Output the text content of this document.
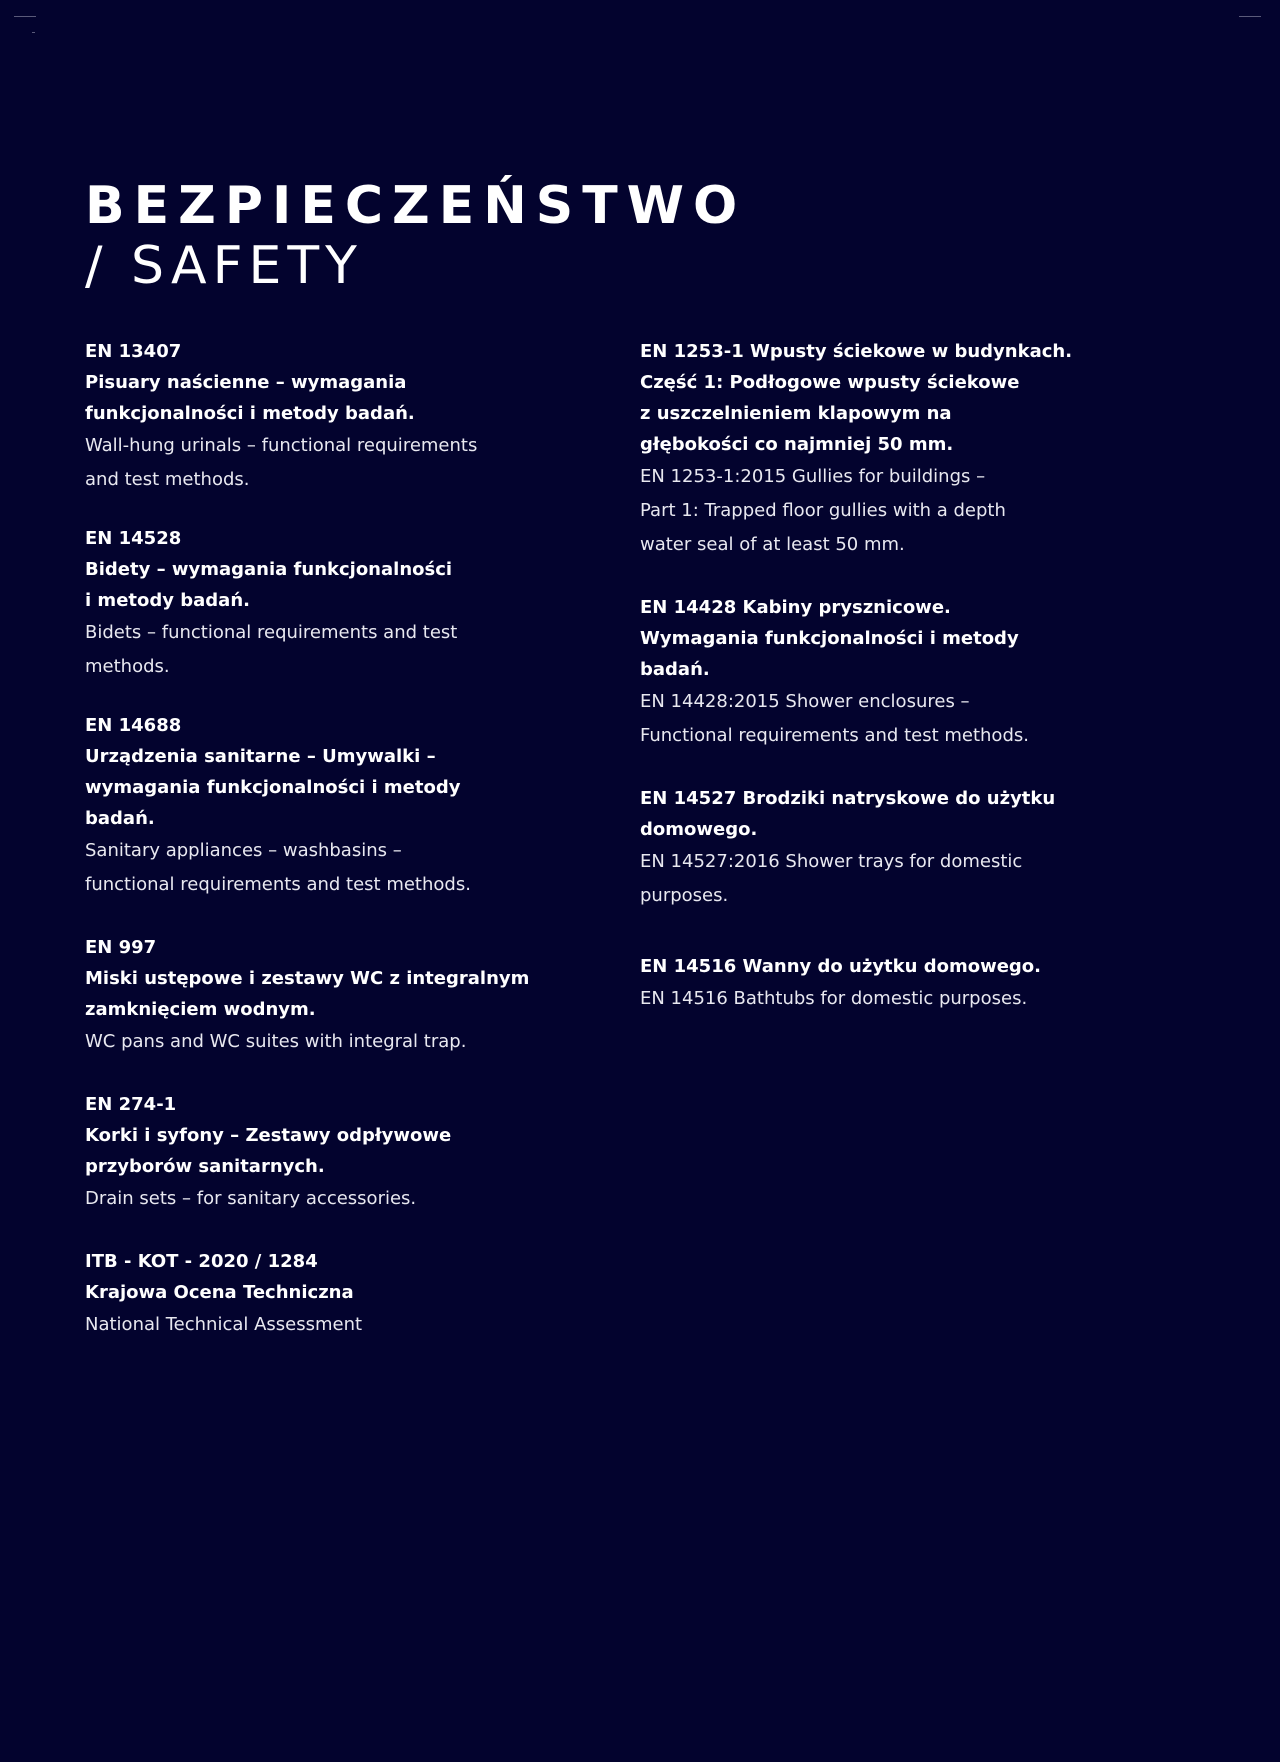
BEZPIECZEŃSTWO
/ SAFETY

EN 13407
Pisuary naścienne – wymagania
funkcjonalności i metody badań.

Wall-hung urinals – functional requirements
and test methods.

EN 14528
Bidety – wymagania funkcjonalności
i metody badań.

Bidets – functional requirements and test
methods.

EN 14688
Urządzenia sanitarne – Umywalki –
wymagania funkcjonalności i metody
badań.

Sanitary appliances – washbasins –
functional requirements and test methods.

EN 997
Miski ustępowe i zestawy WC z integralnym
zamknięciem wodnym.

WC pans and WC suites with integral trap.

EN 274-1
Korki i syfony – Zestawy odpływowe
przyborów sanitarnych.

Drain sets – for sanitary accessories.

ITB - KOT - 2020 / 1284
Krajowa Ocena Techniczna

National Technical Assessment

EN 1253-1 Wpusty ściekowe w budynkach.
Część 1: Podłogowe wpusty ściekowe
z uszczelnieniem klapowym na
głębokości co najmniej 50 mm.

EN 1253-1:2015 Gullies for buildings –
Part 1: Trapped floor gullies with a depth
water seal of at least 50 mm.

EN 14428 Kabiny prysznicowe.
Wymagania funkcjonalności i metody
badań.

EN 14428:2015 Shower enclosures –
Functional requirements and test methods.

EN 14527 Brodziki natryskowe do użytku
domowego.

EN 14527:2016 Shower trays for domestic
purposes.

EN 14516 Wanny do użytku domowego.

EN 14516 Bathtubs for domestic purposes.
